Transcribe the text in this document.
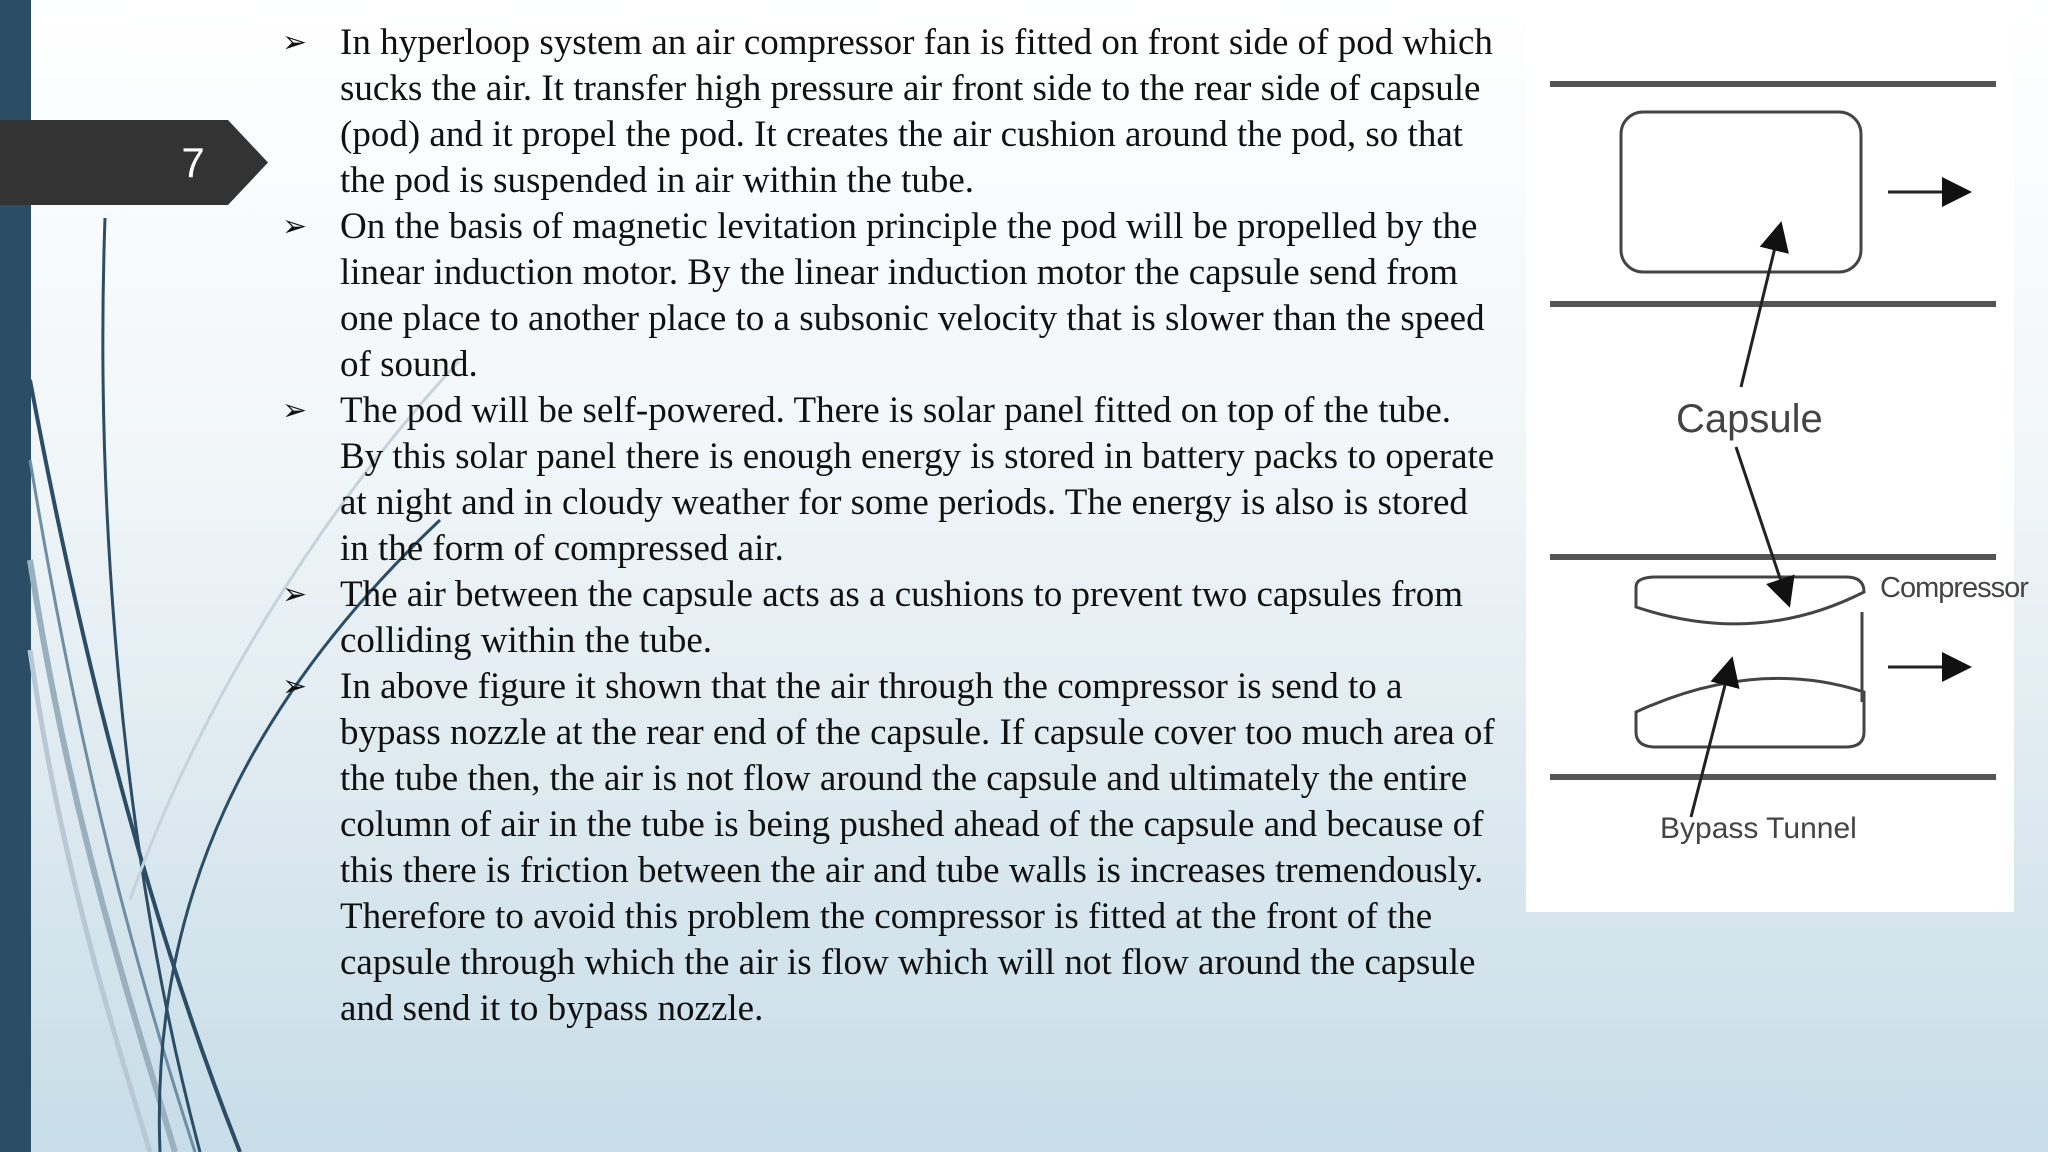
7
➢ In hyperloop system an air compressor fan is fitted on front side of pod which sucks the air. It transfer high pressure air front side to the rear side of capsule (pod) and it propel the pod. It creates the air cushion around the pod, so that the pod is suspended in air within the tube.
➢ On the basis of magnetic levitation principle the pod will be propelled by the linear induction motor. By the linear induction motor the capsule send from one place to another place to a subsonic velocity that is slower than the speed of sound.
➢ The pod will be self-powered. There is solar panel fitted on top of the tube. By this solar panel there is enough energy is stored in battery packs to operate at night and in cloudy weather for some periods. The energy is also is stored in the form of compressed air.
➢ The air between the capsule acts as a cushions to prevent two capsules from colliding within the tube.
➢ In above figure it shown that the air through the compressor is send to a bypass nozzle at the rear end of the capsule. If capsule cover too much area of the tube then, the air is not flow around the capsule and ultimately the entire column of air in the tube is being pushed ahead of the capsule and because of this there is friction between the air and tube walls is increases tremendously. Therefore to avoid this problem the compressor is fitted at the front of the capsule through which the air is flow which will not flow around the capsule and send it to bypass nozzle.
Capsule
Compressor
Bypass Tunnel
